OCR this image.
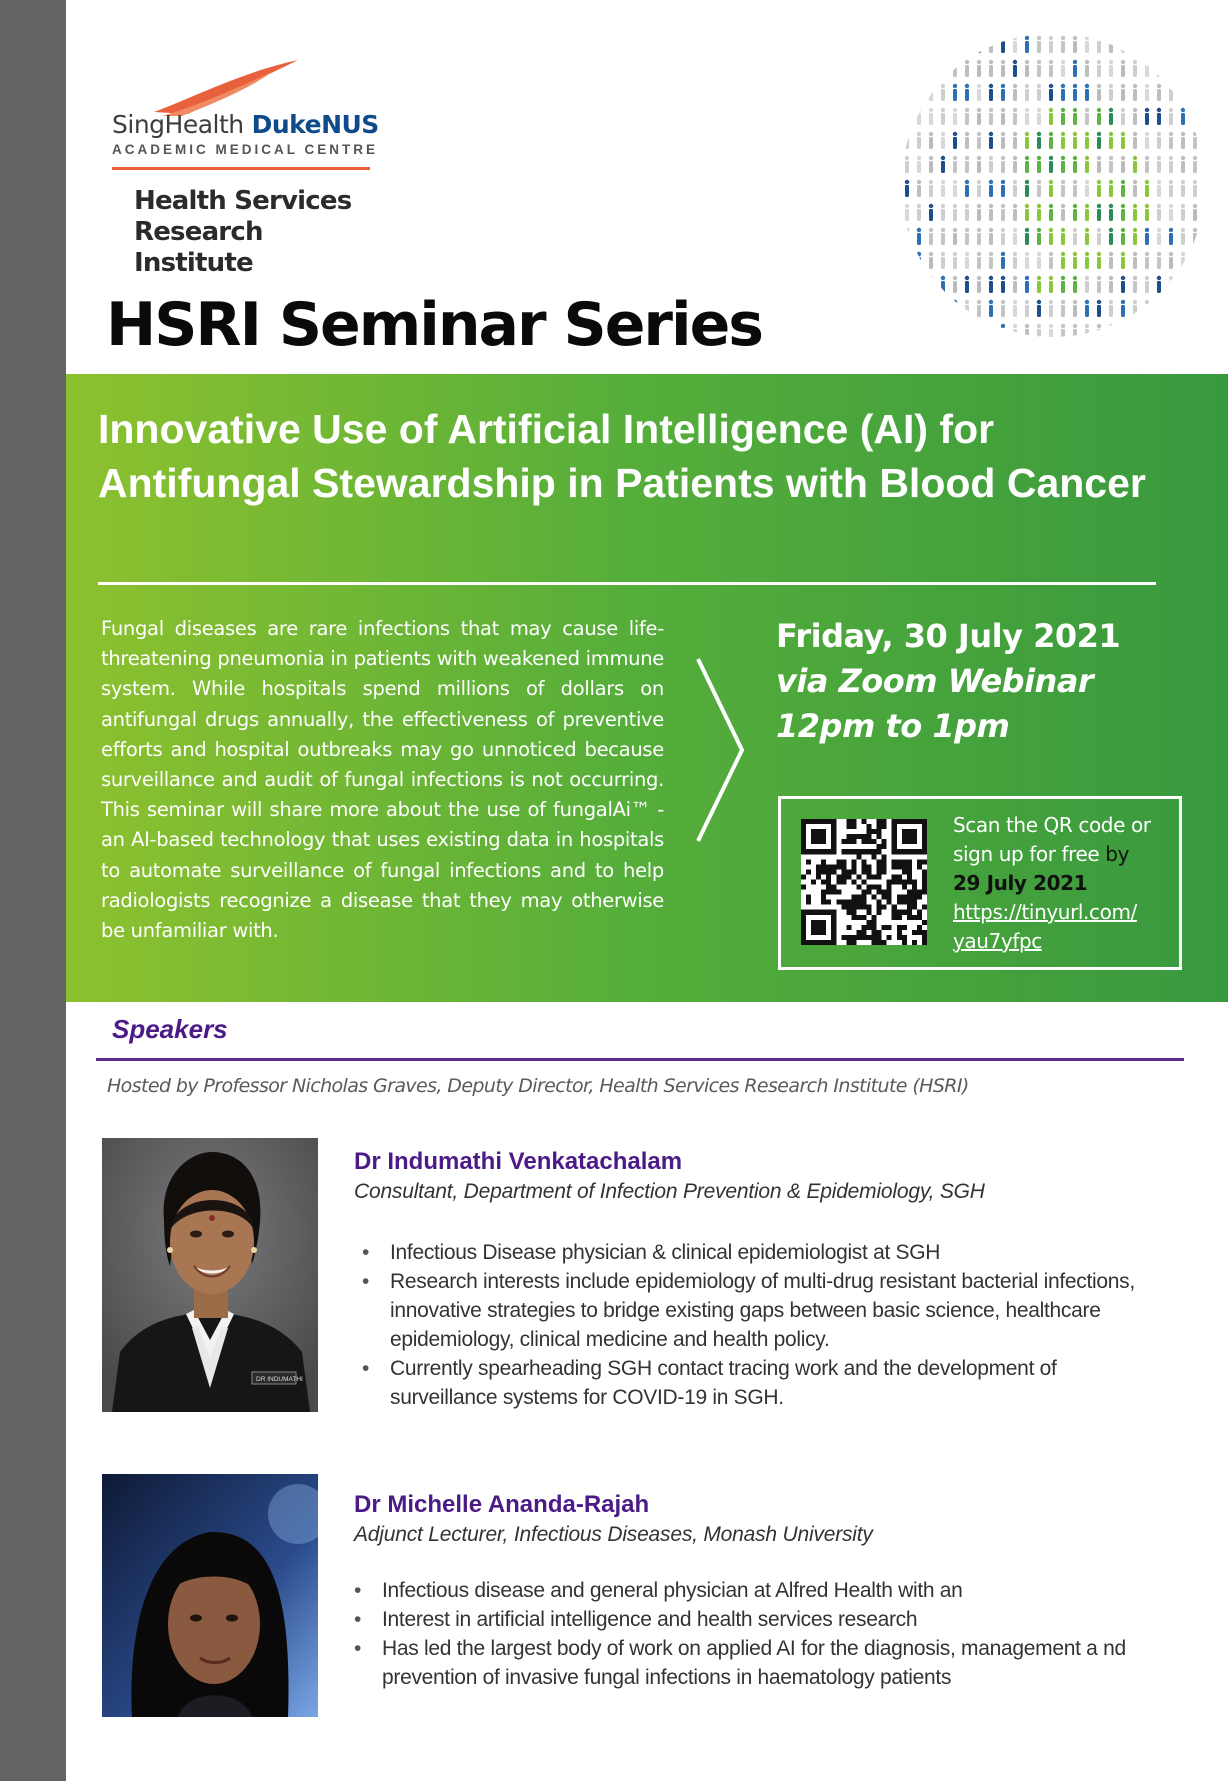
SingHealth DukeNUS
ACADEMIC MEDICAL CENTRE
Health Services
Research Institute
HSRI Seminar Series
Innovative Use of Artificial Intelligence (AI) for Antifungal Stewardship in Patients with Blood Cancer

Fungal diseases are rare infections that may cause life-threatening pneumonia in patients with weakened immune system. While hospitals spend millions of dollars on antifungal drugs annually, the effectiveness of preventive efforts and hospital outbreaks may go unnoticed because surveillance and audit of fungal infections is not occurring. This seminar will share more about the use of fungalAi™ - an AI-based technology that uses existing data in hospitals to automate surveillance of fungal infections and to help radiologists recognize a disease that they may otherwise be unfamiliar with.

Friday, 30 July 2021
via Zoom Webinar
12pm to 1pm
Scan the QR code or sign up for free by
29 July 2021
https://tinyurl.com/
yau7yfpc
Speakers
Hosted by Professor Nicholas Graves, Deputy Director, Health Services Research Institute (HSRI)
DR INDUMATHI
Dr Indumathi Venkatachalam
Consultant, Department of Infection Prevention & Epidemiology, SGH
• Infectious Disease physician & clinical epidemiologist at SGH
• Research interests include epidemiology of multi-drug resistant bacterial infections, innovative strategies to bridge existing gaps between basic science, healthcare epidemiology, clinical medicine and health policy.
• Currently spearheading SGH contact tracing work and the development of surveillance systems for COVID-19 in SGH.
Dr Michelle Ananda-Rajah
Adjunct Lecturer, Infectious Diseases, Monash University
• Infectious disease and general physician at Alfred Health with an
• Interest in artificial intelligence and health services research
• Has led the largest body of work on applied AI for the diagnosis, management a nd prevention of invasive fungal infections in haematology patients
